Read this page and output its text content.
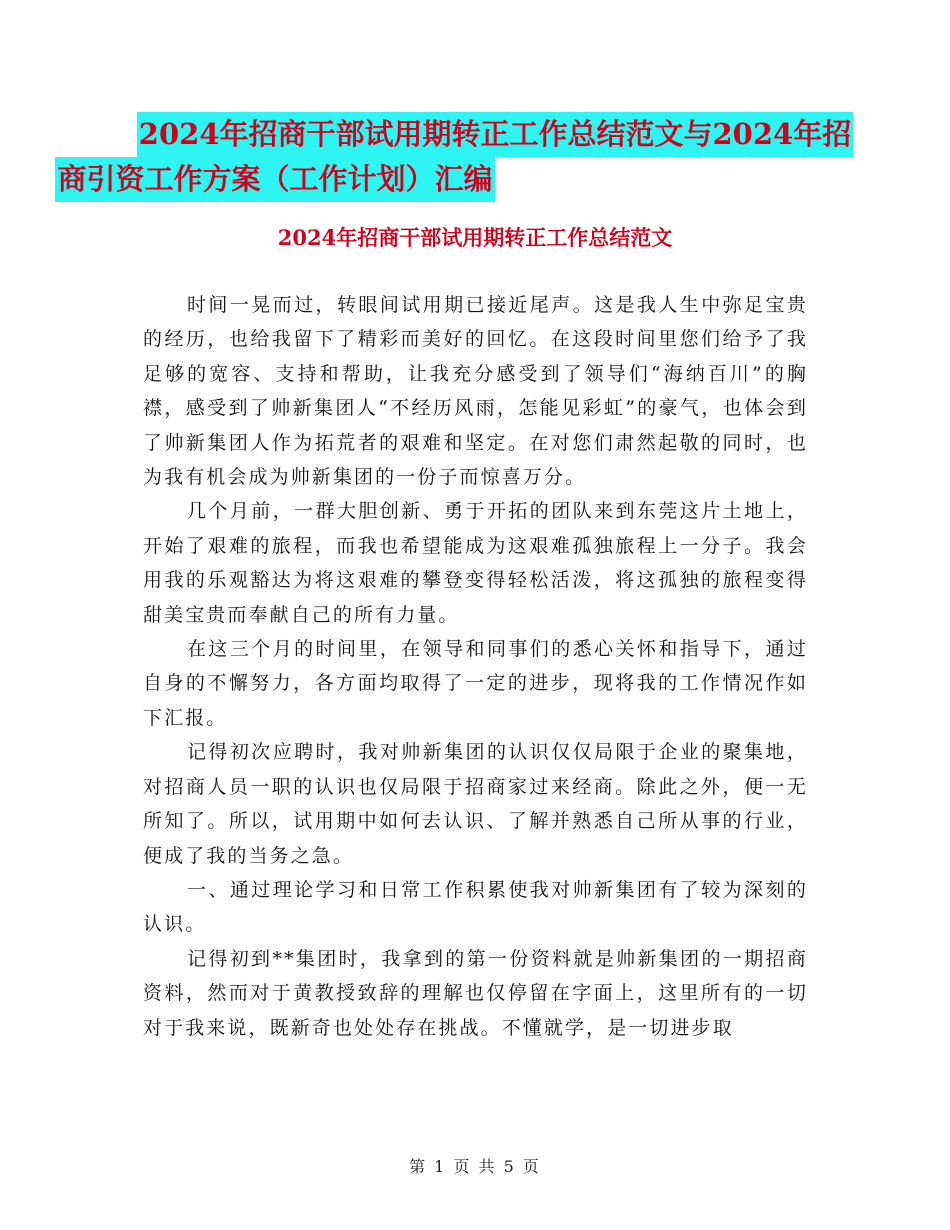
2024年招商干部试用期转正工作总结范文与2024年招
商引资工作方案（工作计划）汇编
2024年招商干部试用期转正工作总结范文

时间一晃而过，转眼间试用期已接近尾声。这是我人生中弥足宝贵的经历，也给我留下了精彩而美好的回忆。在这段时间里您们给予了我足够的宽容、支持和帮助，让我充分感受到了领导们“海纳百川”的胸襟，感受到了帅新集团人“不经历风雨，怎能见彩虹”的豪气，也体会到了帅新集团人作为拓荒者的艰难和坚定。在对您们肃然起敬的同时，也为我有机会成为帅新集团的一份子而惊喜万分。

几个月前，一群大胆创新、勇于开拓的团队来到东莞这片土地上，开始了艰难的旅程，而我也希望能成为这艰难孤独旅程上一分子。我会用我的乐观豁达为将这艰难的攀登变得轻松活泼，将这孤独的旅程变得甜美宝贵而奉献自己的所有力量。

在这三个月的时间里，在领导和同事们的悉心关怀和指导下，通过自身的不懈努力，各方面均取得了一定的进步，现将我的工作情况作如下汇报。

记得初次应聘时，我对帅新集团的认识仅仅局限于企业的聚集地，对招商人员一职的认识也仅局限于招商家过来经商。除此之外，便一无所知了。所以，试用期中如何去认识、了解并熟悉自己所从事的行业，便成了我的当务之急。

一、通过理论学习和日常工作积累使我对帅新集团有了较为深刻的认识。

记得初到**集团时，我拿到的第一份资料就是帅新集团的一期招商资料，然而对于黄教授致辞的理解也仅停留在字面上，这里所有的一切对于我来说，既新奇也处处存在挑战。不懂就学，是一切进步取

第 1 页 共 5 页
